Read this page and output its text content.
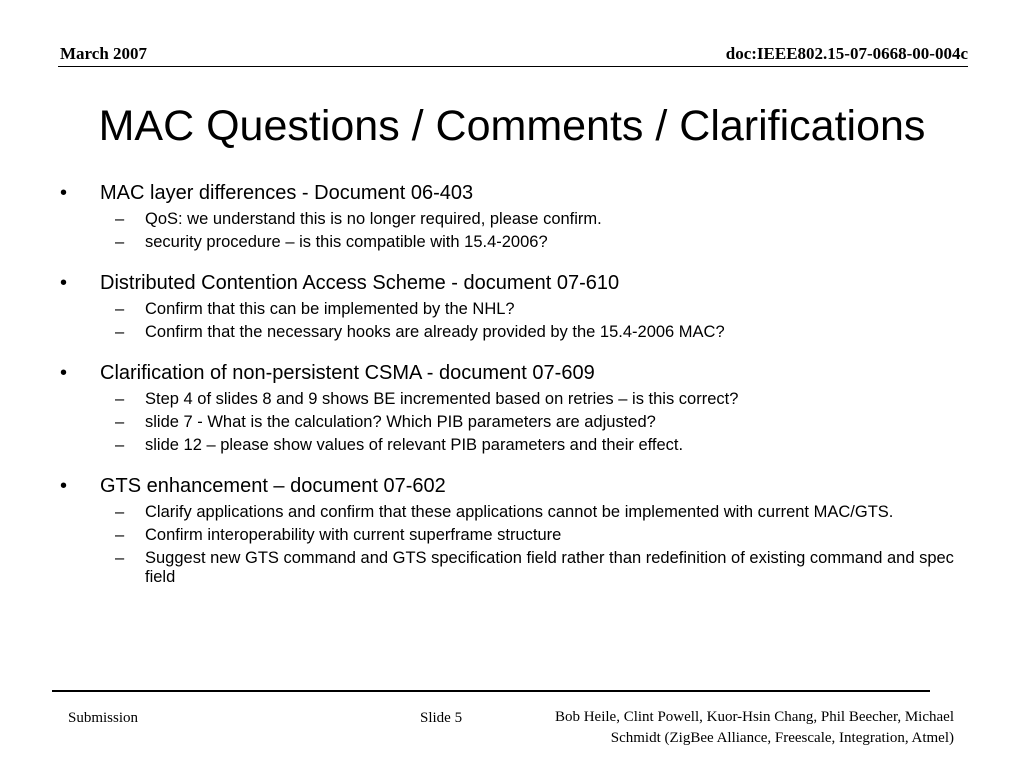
March 2007	doc:IEEE802.15-07-0668-00-004c
MAC Questions / Comments / Clarifications
•	MAC layer differences - Document 06-403
–	QoS: we understand this is no longer required, please confirm.
–	security procedure – is this compatible with 15.4-2006?
•	Distributed Contention Access Scheme - document 07-610
–	Confirm that this can be implemented by the NHL?
–	Confirm that the necessary hooks are already provided by the 15.4-2006 MAC?
•	Clarification of non-persistent CSMA - document 07-609
–	Step 4 of slides 8 and 9 shows BE incremented based on retries – is this correct?
–	slide 7 - What is the calculation? Which PIB parameters are adjusted?
–	slide 12 – please show values of relevant PIB parameters and their effect.
•	GTS enhancement – document 07-602
–	Clarify applications and confirm that these applications cannot be implemented with current MAC/GTS.
–	Confirm interoperability with current superframe structure
–	Suggest new GTS command and GTS specification field rather than redefinition of existing command and spec field
Submission	Slide 5	Bob Heile, Clint Powell, Kuor-Hsin Chang, Phil Beecher, Michael
Schmidt (ZigBee Alliance, Freescale, Integration, Atmel)
